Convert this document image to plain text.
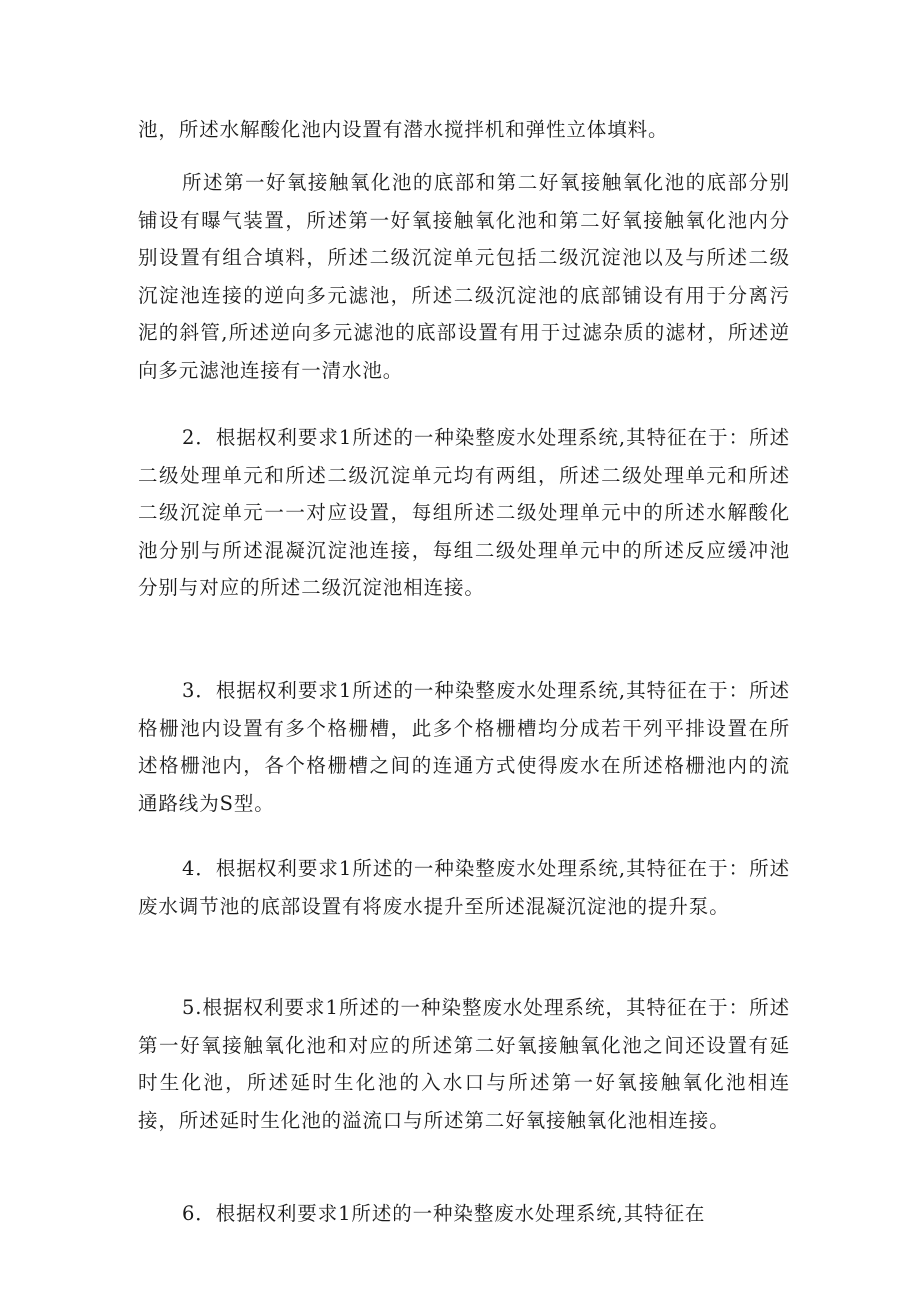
池，所述水解酸化池内设置有潜水搅拌机和弹性立体填料。

所述第一好氧接触氧化池的底部和第二好氧接触氧化池的底部分别铺设有曝气装置，所述第一好氧接触氧化池和第二好氧接触氧化池内分别设置有组合填料，所述二级沉淀单元包括二级沉淀池以及与所述二级沉淀池连接的逆向多元滤池，所述二级沉淀池的底部铺设有用于分离污泥的斜管,所述逆向多元滤池的底部设置有用于过滤杂质的滤材，所述逆向多元滤池连接有一清水池。

2．根据权利要求1所述的一种染整废水处理系统,其特征在于：所述二级处理单元和所述二级沉淀单元均有两组，所述二级处理单元和所述二级沉淀单元一一对应设置，每组所述二级处理单元中的所述水解酸化池分别与所述混凝沉淀池连接，每组二级处理单元中的所述反应缓冲池分别与对应的所述二级沉淀池相连接。

3．根据权利要求1所述的一种染整废水处理系统,其特征在于：所述格栅池内设置有多个格栅槽，此多个格栅槽均分成若干列平排设置在所述格栅池内，各个格栅槽之间的连通方式使得废水在所述格栅池内的流通路线为S型。

4．根据权利要求1所述的一种染整废水处理系统,其特征在于：所述废水调节池的底部设置有将废水提升至所述混凝沉淀池的提升泵。

5.根据权利要求1所述的一种染整废水处理系统，其特征在于：所述第一好氧接触氧化池和对应的所述第二好氧接触氧化池之间还设置有延时生化池，所述延时生化池的入水口与所述第一好氧接触氧化池相连接，所述延时生化池的溢流口与所述第二好氧接触氧化池相连接。

6．根据权利要求1所述的一种染整废水处理系统,其特征在
